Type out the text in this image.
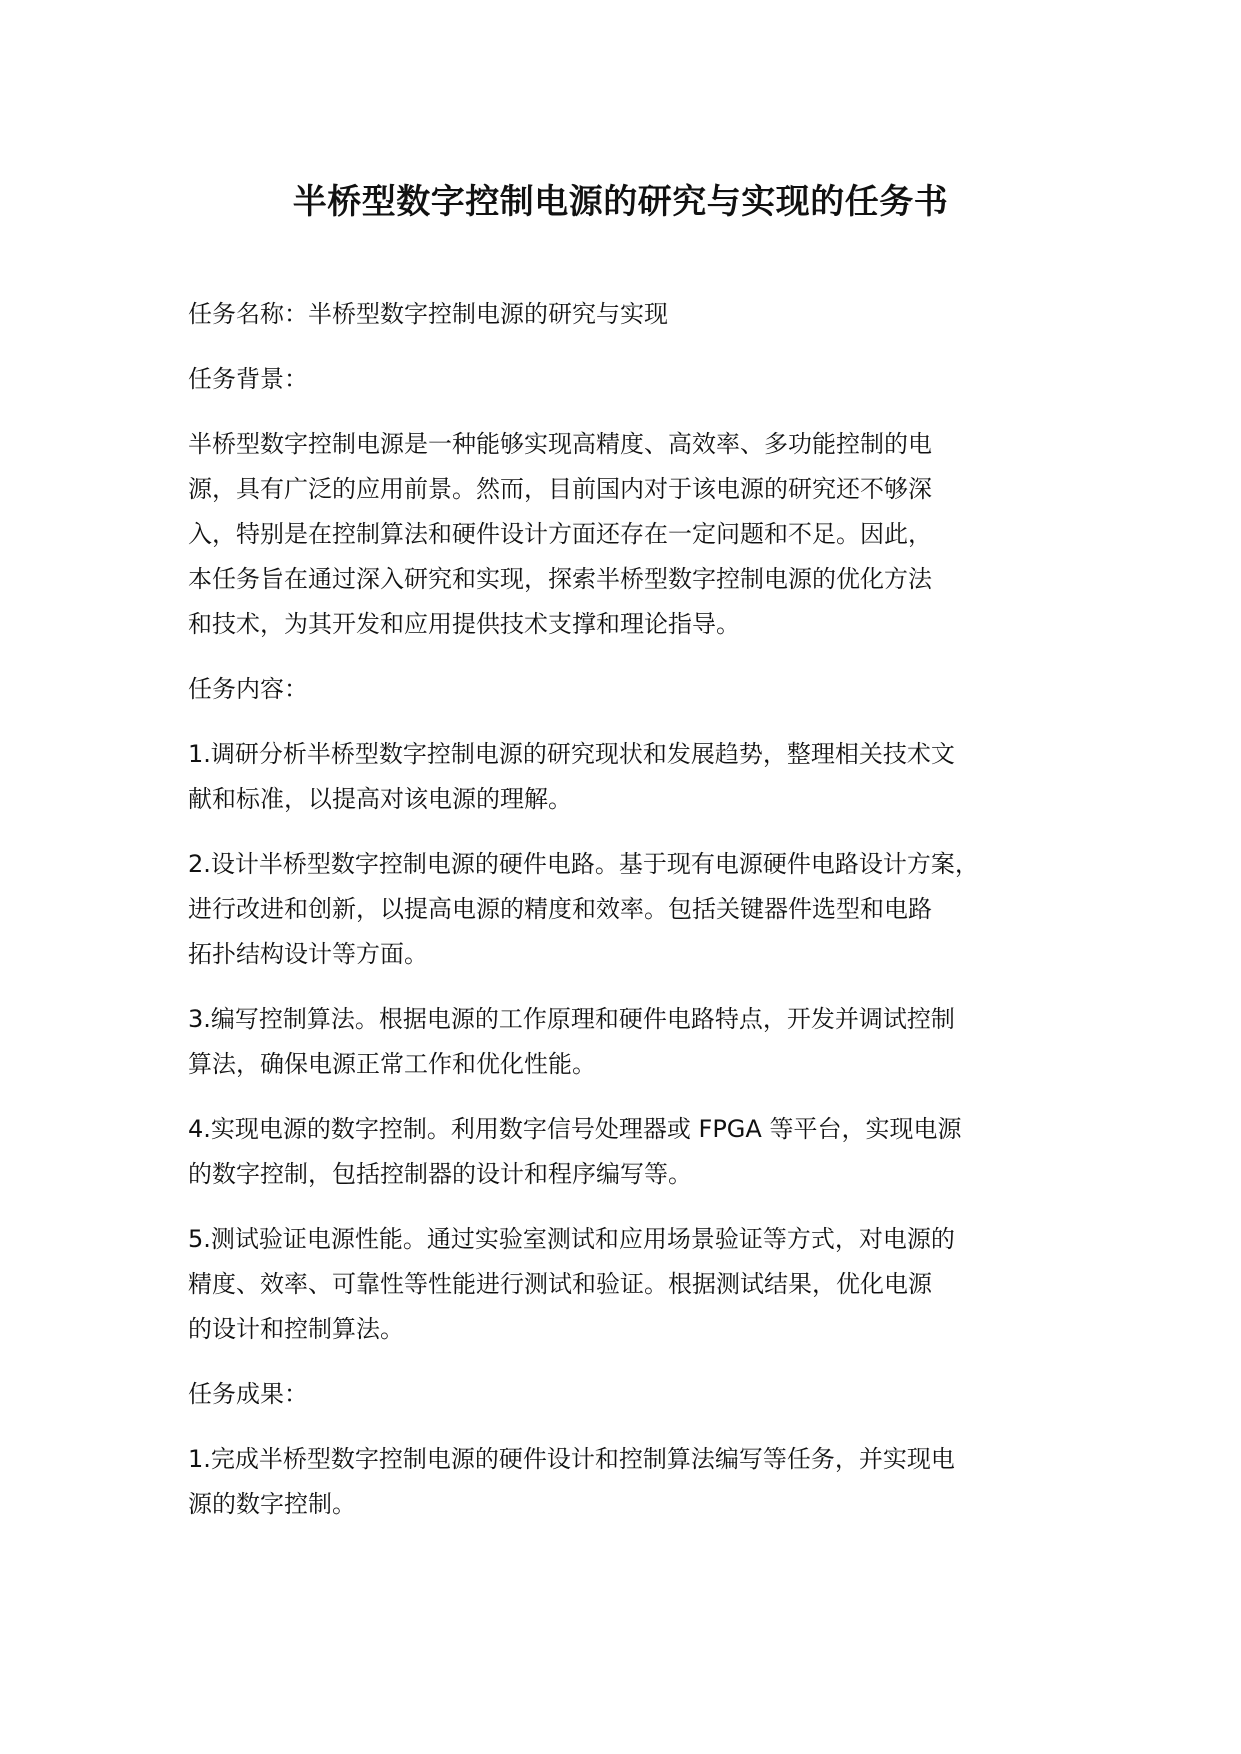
半桥型数字控制电源的研究与实现的任务书

任务名称：半桥型数字控制电源的研究与实现

任务背景：

半桥型数字控制电源是一种能够实现高精度、高效率、多功能控制的电
源，具有广泛的应用前景。然而，目前国内对于该电源的研究还不够深
入，特别是在控制算法和硬件设计方面还存在一定问题和不足。因此，
本任务旨在通过深入研究和实现，探索半桥型数字控制电源的优化方法
和技术，为其开发和应用提供技术支撑和理论指导。

任务内容：

1.调研分析半桥型数字控制电源的研究现状和发展趋势，整理相关技术文
献和标准，以提高对该电源的理解。

2.设计半桥型数字控制电源的硬件电路。基于现有电源硬件电路设计方案，
进行改进和创新，以提高电源的精度和效率。包括关键器件选型和电路
拓扑结构设计等方面。

3.编写控制算法。根据电源的工作原理和硬件电路特点，开发并调试控制
算法，确保电源正常工作和优化性能。

4.实现电源的数字控制。利用数字信号处理器或 FPGA 等平台，实现电源
的数字控制，包括控制器的设计和程序编写等。

5.测试验证电源性能。通过实验室测试和应用场景验证等方式，对电源的
精度、效率、可靠性等性能进行测试和验证。根据测试结果，优化电源
的设计和控制算法。

任务成果：

1.完成半桥型数字控制电源的硬件设计和控制算法编写等任务，并实现电
源的数字控制。
